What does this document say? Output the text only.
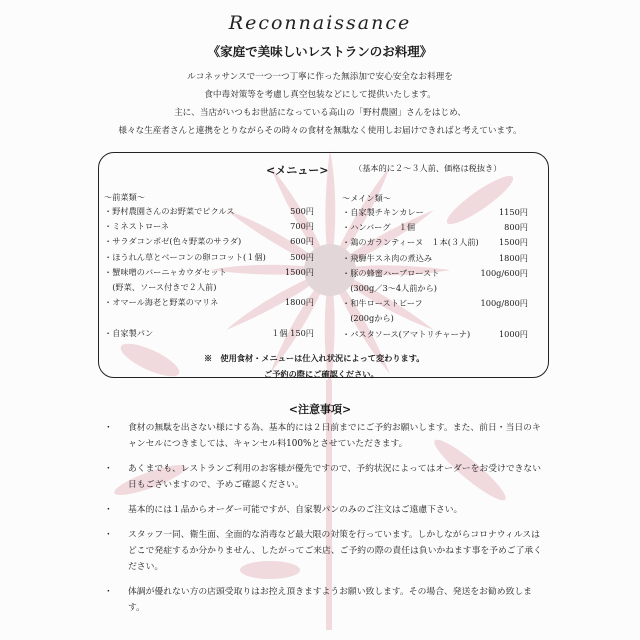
Reconnaissance
《家庭で美味しいレストランのお料理》
ルコネッサンスで一つ一つ丁寧に作った無添加で安心安全なお料理を
食中毒対策等を考慮し真空包装などにして提供いたします。
主に、当店がいつもお世話になっている高山の「野村農園」さんをはじめ、
様々な生産者さんと連携をとりながらその時々の食材を無駄なく使用しお届けできればと考えています。
<メニュー>	（基本的に２〜３人前、価格は税抜き）
〜前菜類〜
・野村農園さんのお野菜でピクルス	500円
・ミネストローネ	700円
・サラダコンポゼ(色々野菜のサラダ)	600円
・ほうれん草とベーコンの卵ココット(１個)	500円
・蟹味噌のバーニャカウダセット	1500円
　(野菜、ソース付きで２人前)
・オマール海老と野菜のマリネ	1800円
・自家製パン	１個 150円
〜メイン類〜
・自家製チキンカレー	1150円
・ハンバーグ　１個	800円
・鶏のガランティーヌ　１本(３人前) 1500円
・飛騨牛スネ肉の煮込み	1800円
・豚の蜂蜜ハーブロースト	100g/600円
　(300g／3〜4人前から)
・和牛ローストビーフ	100g/800円
　(200gから)
・パスタソース(アマトリチャーナ)	1000円
※　使用食材・メニューは仕入れ状況によって変わります。
ご予約の際にご確認ください。
<注意事項>
・ 食材の無駄を出さない様にする為、基本的には２日前までにご予約お願いします。また、前日・当日のキャンセルにつきましては、キャンセル料100%とさせていただきます。
・ あくまでも、レストランご利用のお客様が優先ですので、予約状況によってはオーダーをお受けできない日もございますので、予めご確認ください。
・ 基本的には１品からオーダー可能ですが、自家製パンのみのご注文はご遠慮下さい。
・ スタッフ一同、衛生面、全面的な消毒など最大限の対策を行っています。しかしながらコロナウィルスはどこで発症するか分かりません、したがってご来店、ご予約の際の責任は負いかねます事を予めご了承ください。
・ 体調が優れない方の店頭受取りはお控え頂きますようお願い致します。その場合、発送をお勧め致します。
